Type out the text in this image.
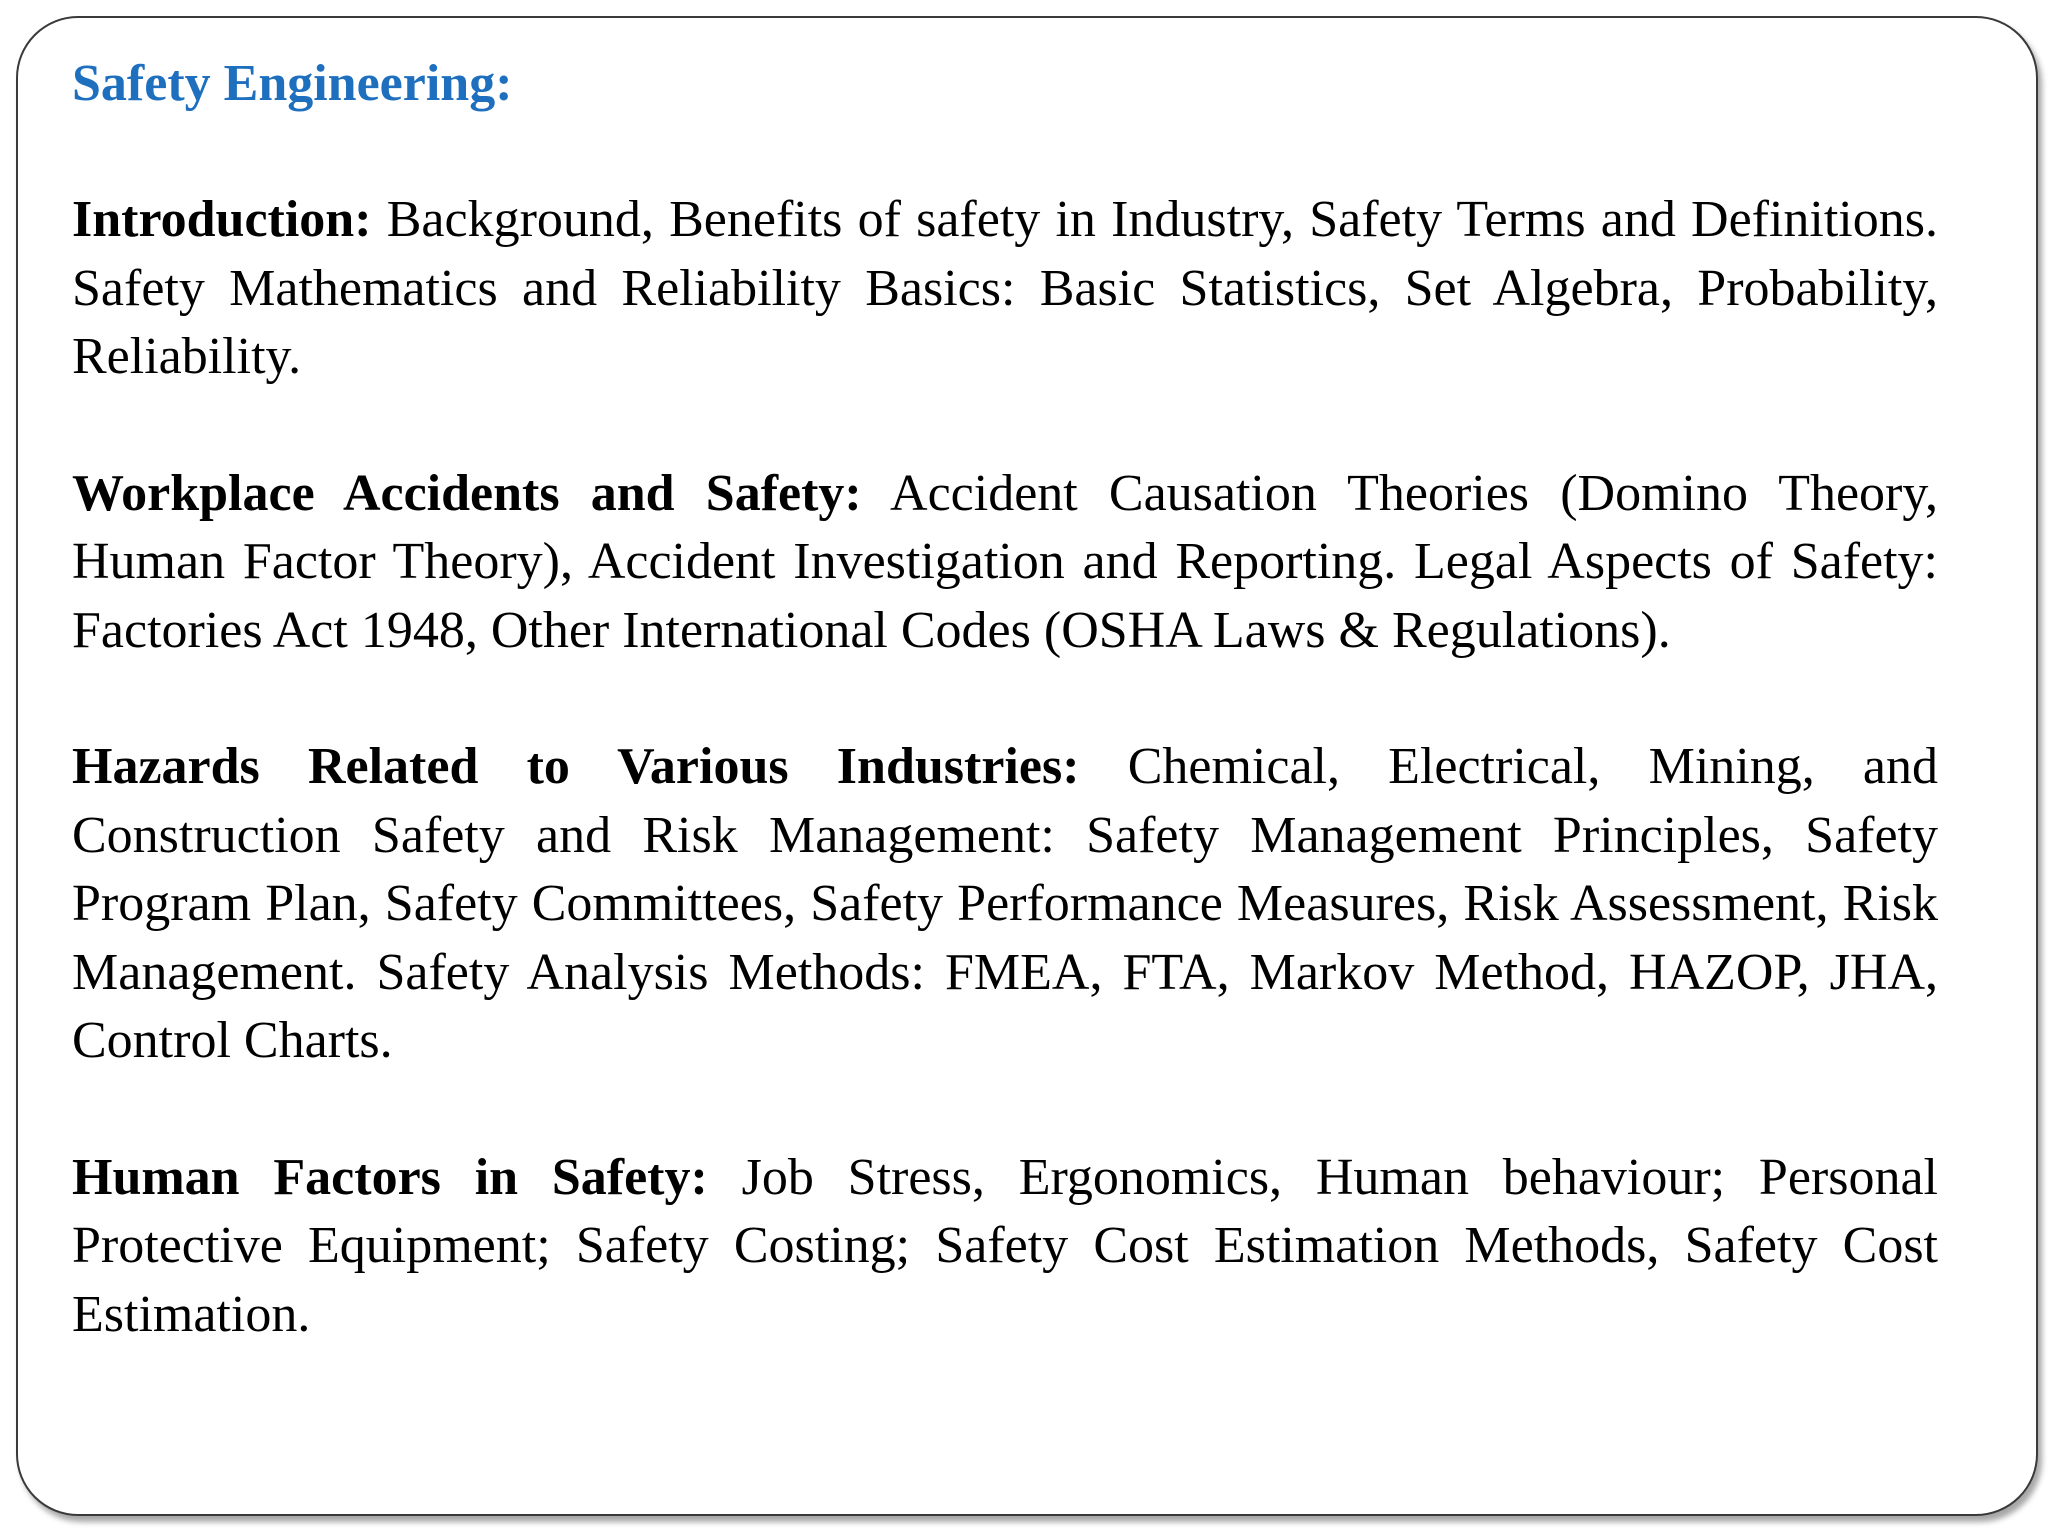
Safety Engineering:

Introduction: Background, Benefits of safety in Industry, Safety Terms and Definitions. Safety Mathematics and Reliability Basics: Basic Statistics, Set Algebra, Probability, Reliability.

Workplace Accidents and Safety: Accident Causation Theories (Domino Theory, Human Factor Theory), Accident Investigation and Reporting. Legal Aspects of Safety: Factories Act 1948, Other International Codes (OSHA Laws & Regulations).

Hazards Related to Various Industries: Chemical, Electrical, Mining, and Construction Safety and Risk Management: Safety Management Principles, Safety Program Plan, Safety Committees, Safety Performance Measures, Risk Assessment, Risk Management. Safety Analysis Methods: FMEA, FTA, Markov Method, HAZOP, JHA, Control Charts.

Human Factors in Safety: Job Stress, Ergonomics, Human behaviour; Personal Protective Equipment; Safety Costing; Safety Cost Estimation Methods, Safety Cost Estimation.
